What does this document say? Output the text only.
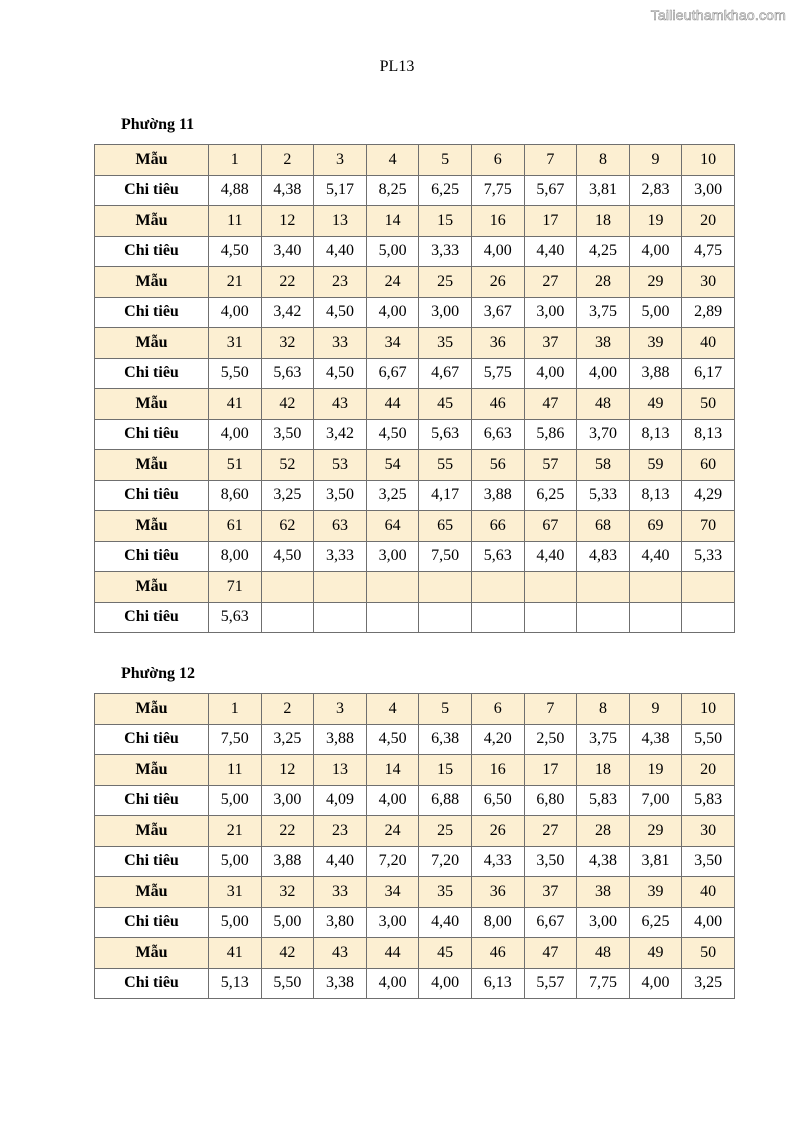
Tailieuthamkhao.com
PL13
Phường 11
Mẫu	1	2	3	4	5	6	7	8	9	10
Chi tiêu	4,88	4,38	5,17	8,25	6,25	7,75	5,67	3,81	2,83	3,00
Mẫu	11	12	13	14	15	16	17	18	19	20
Chi tiêu	4,50	3,40	4,40	5,00	3,33	4,00	4,40	4,25	4,00	4,75
Mẫu	21	22	23	24	25	26	27	28	29	30
Chi tiêu	4,00	3,42	4,50	4,00	3,00	3,67	3,00	3,75	5,00	2,89
Mẫu	31	32	33	34	35	36	37	38	39	40
Chi tiêu	5,50	5,63	4,50	6,67	4,67	5,75	4,00	4,00	3,88	6,17
Mẫu	41	42	43	44	45	46	47	48	49	50
Chi tiêu	4,00	3,50	3,42	4,50	5,63	6,63	5,86	3,70	8,13	8,13
Mẫu	51	52	53	54	55	56	57	58	59	60
Chi tiêu	8,60	3,25	3,50	3,25	4,17	3,88	6,25	5,33	8,13	4,29
Mẫu	61	62	63	64	65	66	67	68	69	70
Chi tiêu	8,00	4,50	3,33	3,00	7,50	5,63	4,40	4,83	4,40	5,33
Mẫu	71									
Chi tiêu	5,63									
Phường 12
Mẫu	1	2	3	4	5	6	7	8	9	10
Chi tiêu	7,50	3,25	3,88	4,50	6,38	4,20	2,50	3,75	4,38	5,50
Mẫu	11	12	13	14	15	16	17	18	19	20
Chi tiêu	5,00	3,00	4,09	4,00	6,88	6,50	6,80	5,83	7,00	5,83
Mẫu	21	22	23	24	25	26	27	28	29	30
Chi tiêu	5,00	3,88	4,40	7,20	7,20	4,33	3,50	4,38	3,81	3,50
Mẫu	31	32	33	34	35	36	37	38	39	40
Chi tiêu	5,00	5,00	3,80	3,00	4,40	8,00	6,67	3,00	6,25	4,00
Mẫu	41	42	43	44	45	46	47	48	49	50
Chi tiêu	5,13	5,50	3,38	4,00	4,00	6,13	5,57	7,75	4,00	3,25
